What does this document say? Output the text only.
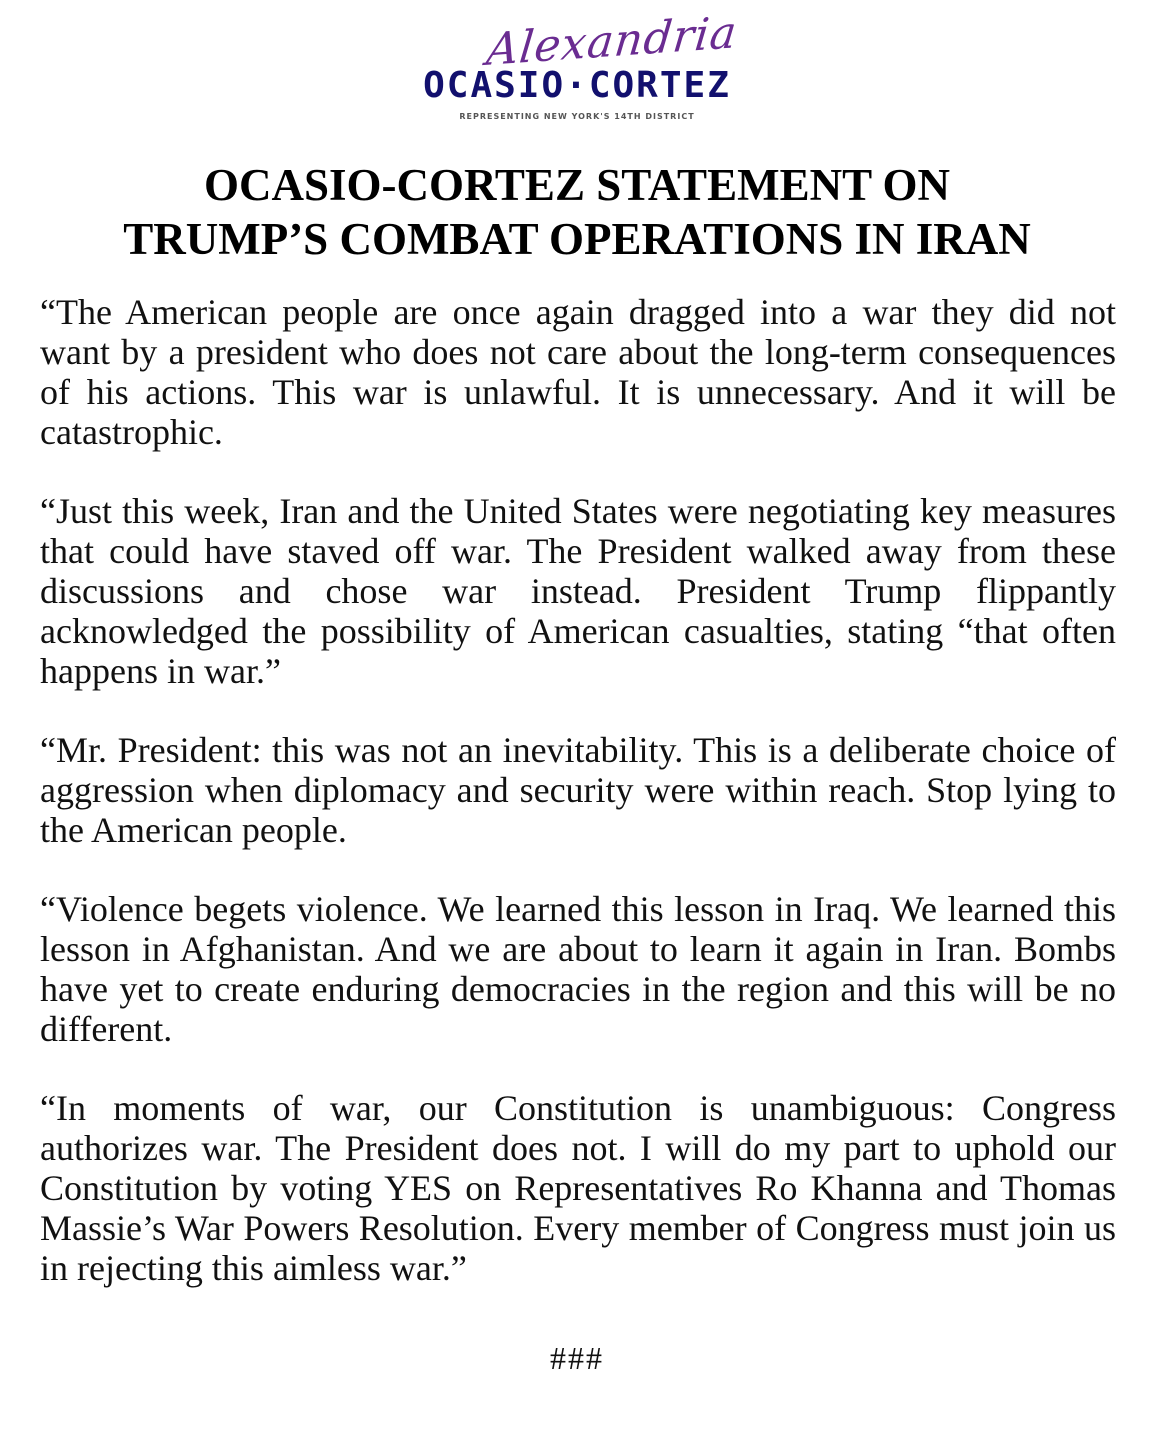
Alexandria
OCASIO·CORTEZ
REPRESENTING NEW YORK'S 14TH DISTRICT
OCASIO-CORTEZ STATEMENT ON
TRUMP’S COMBAT OPERATIONS IN IRAN

“The American people are once again dragged into a war they did not want by a president who does not care about the long-term consequences of his actions. This war is unlawful. It is unnecessary. And it will be catastrophic.

“Just this week, Iran and the United States were negotiating key measures that could have staved off war. The President walked away from these discussions and chose war instead. President Trump flippantly acknowledged the possibility of American casualties, stating “that often happens in war.”

“Mr. President: this was not an inevitability. This is a deliberate choice of aggression when diplomacy and security were within reach. Stop lying to the American people.

“Violence begets violence. We learned this lesson in Iraq. We learned this lesson in Afghanistan. And we are about to learn it again in Iran. Bombs have yet to create enduring democracies in the region and this will be no different.

“In moments of war, our Constitution is unambiguous: Congress authorizes war. The President does not. I will do my part to uphold our Constitution by voting YES on Representatives Ro Khanna and Thomas Massie’s War Powers Resolution. Every member of Congress must join us in rejecting this aimless war.”

###
